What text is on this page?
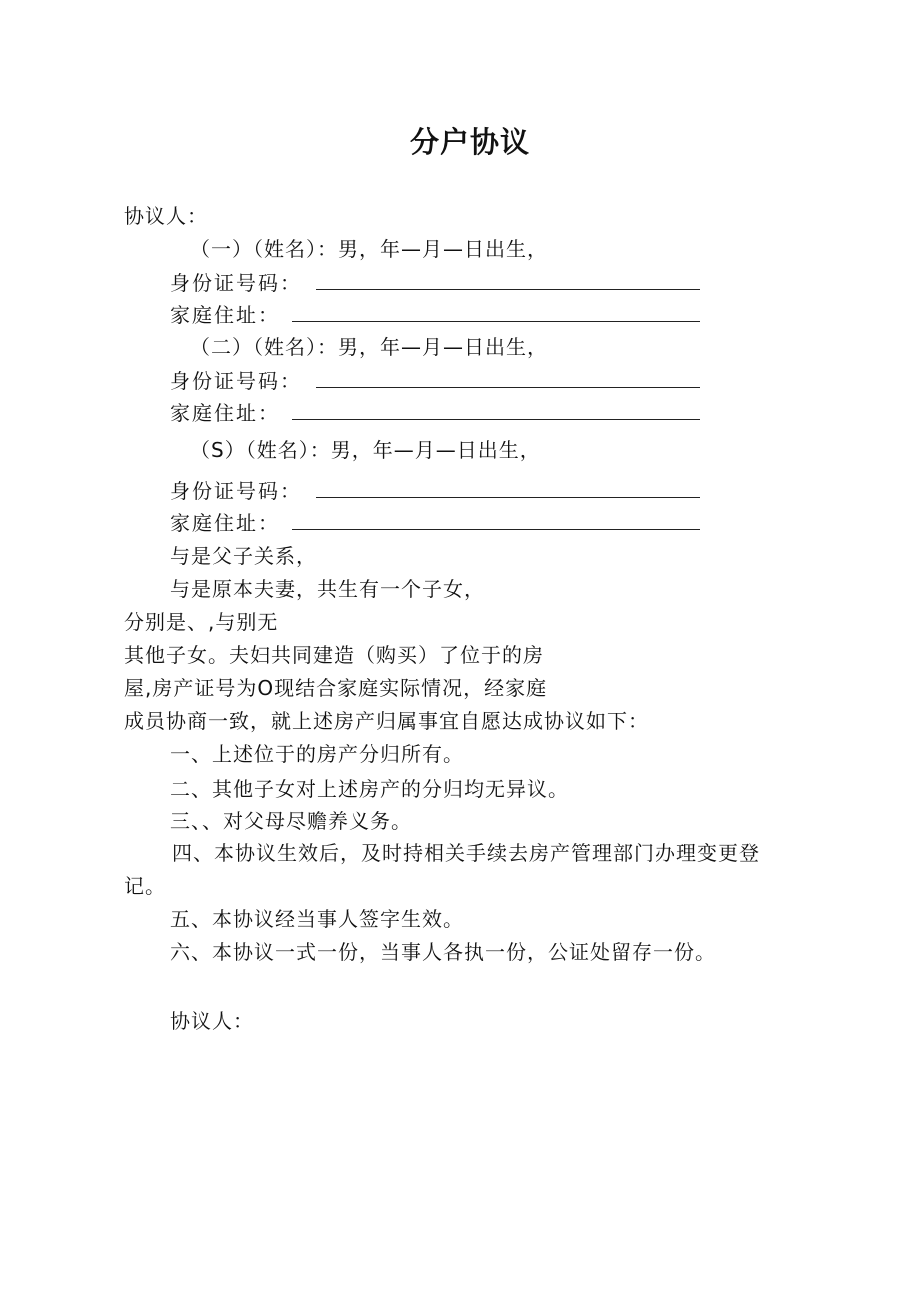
分户协议
协议人：
（一）（姓名）：男，年—月—日出生，
身份证号码：
家庭住址：
（二）（姓名）：男，年—月—日出生，
身份证号码：
家庭住址：
（S）（姓名）：男，年—月—日出生，
身份证号码：
家庭住址：
与是父子关系，
与是原本夫妻，共生有一个子女，
分别是、,与别无
其他子女。夫妇共同建造（购买）了位于的房
屋,房产证号为O现结合家庭实际情况，经家庭
成员协商一致，就上述房产归属事宜自愿达成协议如下：
一、上述位于的房产分归所有。
二、其他子女对上述房产的分归均无异议。
三、、对父母尽赡养义务。
四、本协议生效后，及时持相关手续去房产管理部门办理变更登
记。
五、本协议经当事人签字生效。
六、本协议一式一份，当事人各执一份，公证处留存一份。
协议人：
